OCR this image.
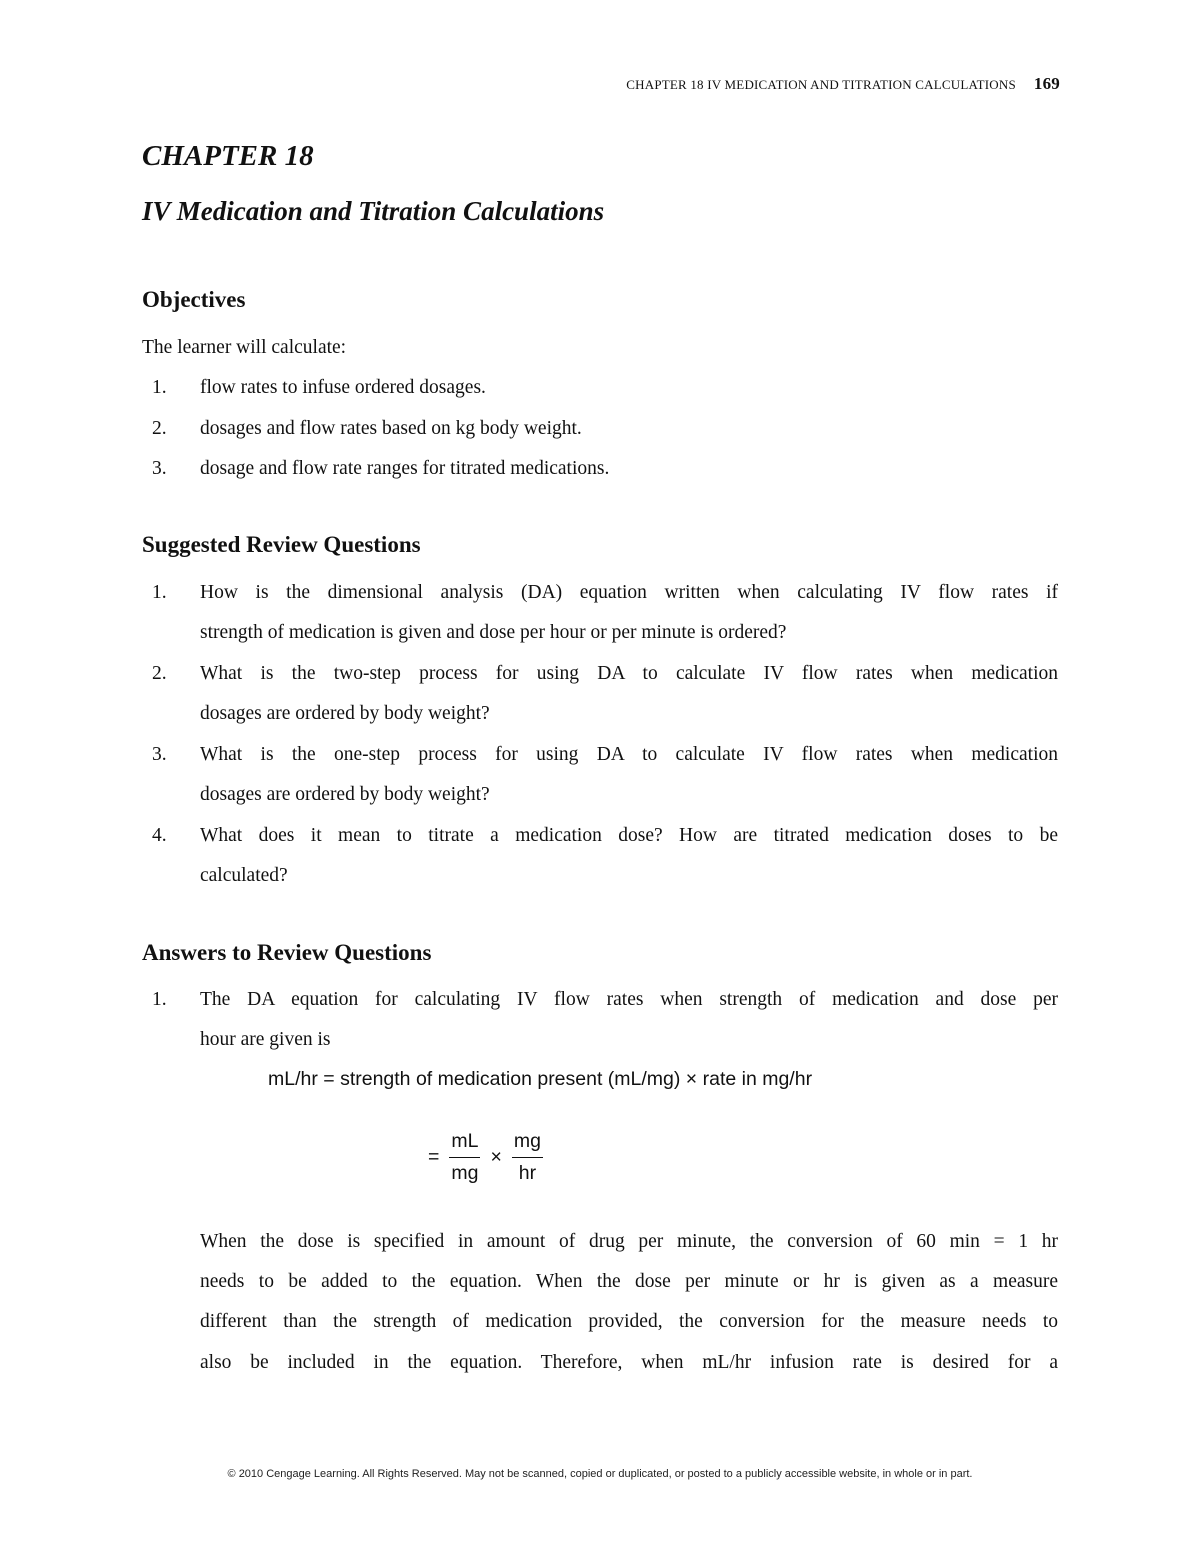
CHAPTER 18 IV MEDICATION AND TITRATION CALCULATIONS 169
CHAPTER 18
IV Medication and Titration Calculations
Objectives
The learner will calculate:
1. flow rates to infuse ordered dosages.
2. dosages and flow rates based on kg body weight.
3. dosage and flow rate ranges for titrated medications.
Suggested Review Questions
1. How is the dimensional analysis (DA) equation written when calculating IV flow rates if
strength of medication is given and dose per hour or per minute is ordered?
2. What is the two-step process for using DA to calculate IV flow rates when medication
dosages are ordered by body weight?
3. What is the one-step process for using DA to calculate IV flow rates when medication
dosages are ordered by body weight?
4. What does it mean to titrate a medication dose? How are titrated medication doses to be
calculated?
Answers to Review Questions
1. The DA equation for calculating IV flow rates when strength of medication and dose per
hour are given is
mL/hr = strength of medication present (mL/mg) × rate in mg/hr
= $\frac{mL}{mg} \times \frac{mg}{hr}$
When the dose is specified in amount of drug per minute, the conversion of 60 min = 1 hr
needs to be added to the equation. When the dose per minute or hr is given as a measure
different than the strength of medication provided, the conversion for the measure needs to
also be included in the equation. Therefore, when mL/hr infusion rate is desired for a
© 2010 Cengage Learning. All Rights Reserved. May not be scanned, copied or duplicated, or posted to a publicly accessible website, in whole or in part.
